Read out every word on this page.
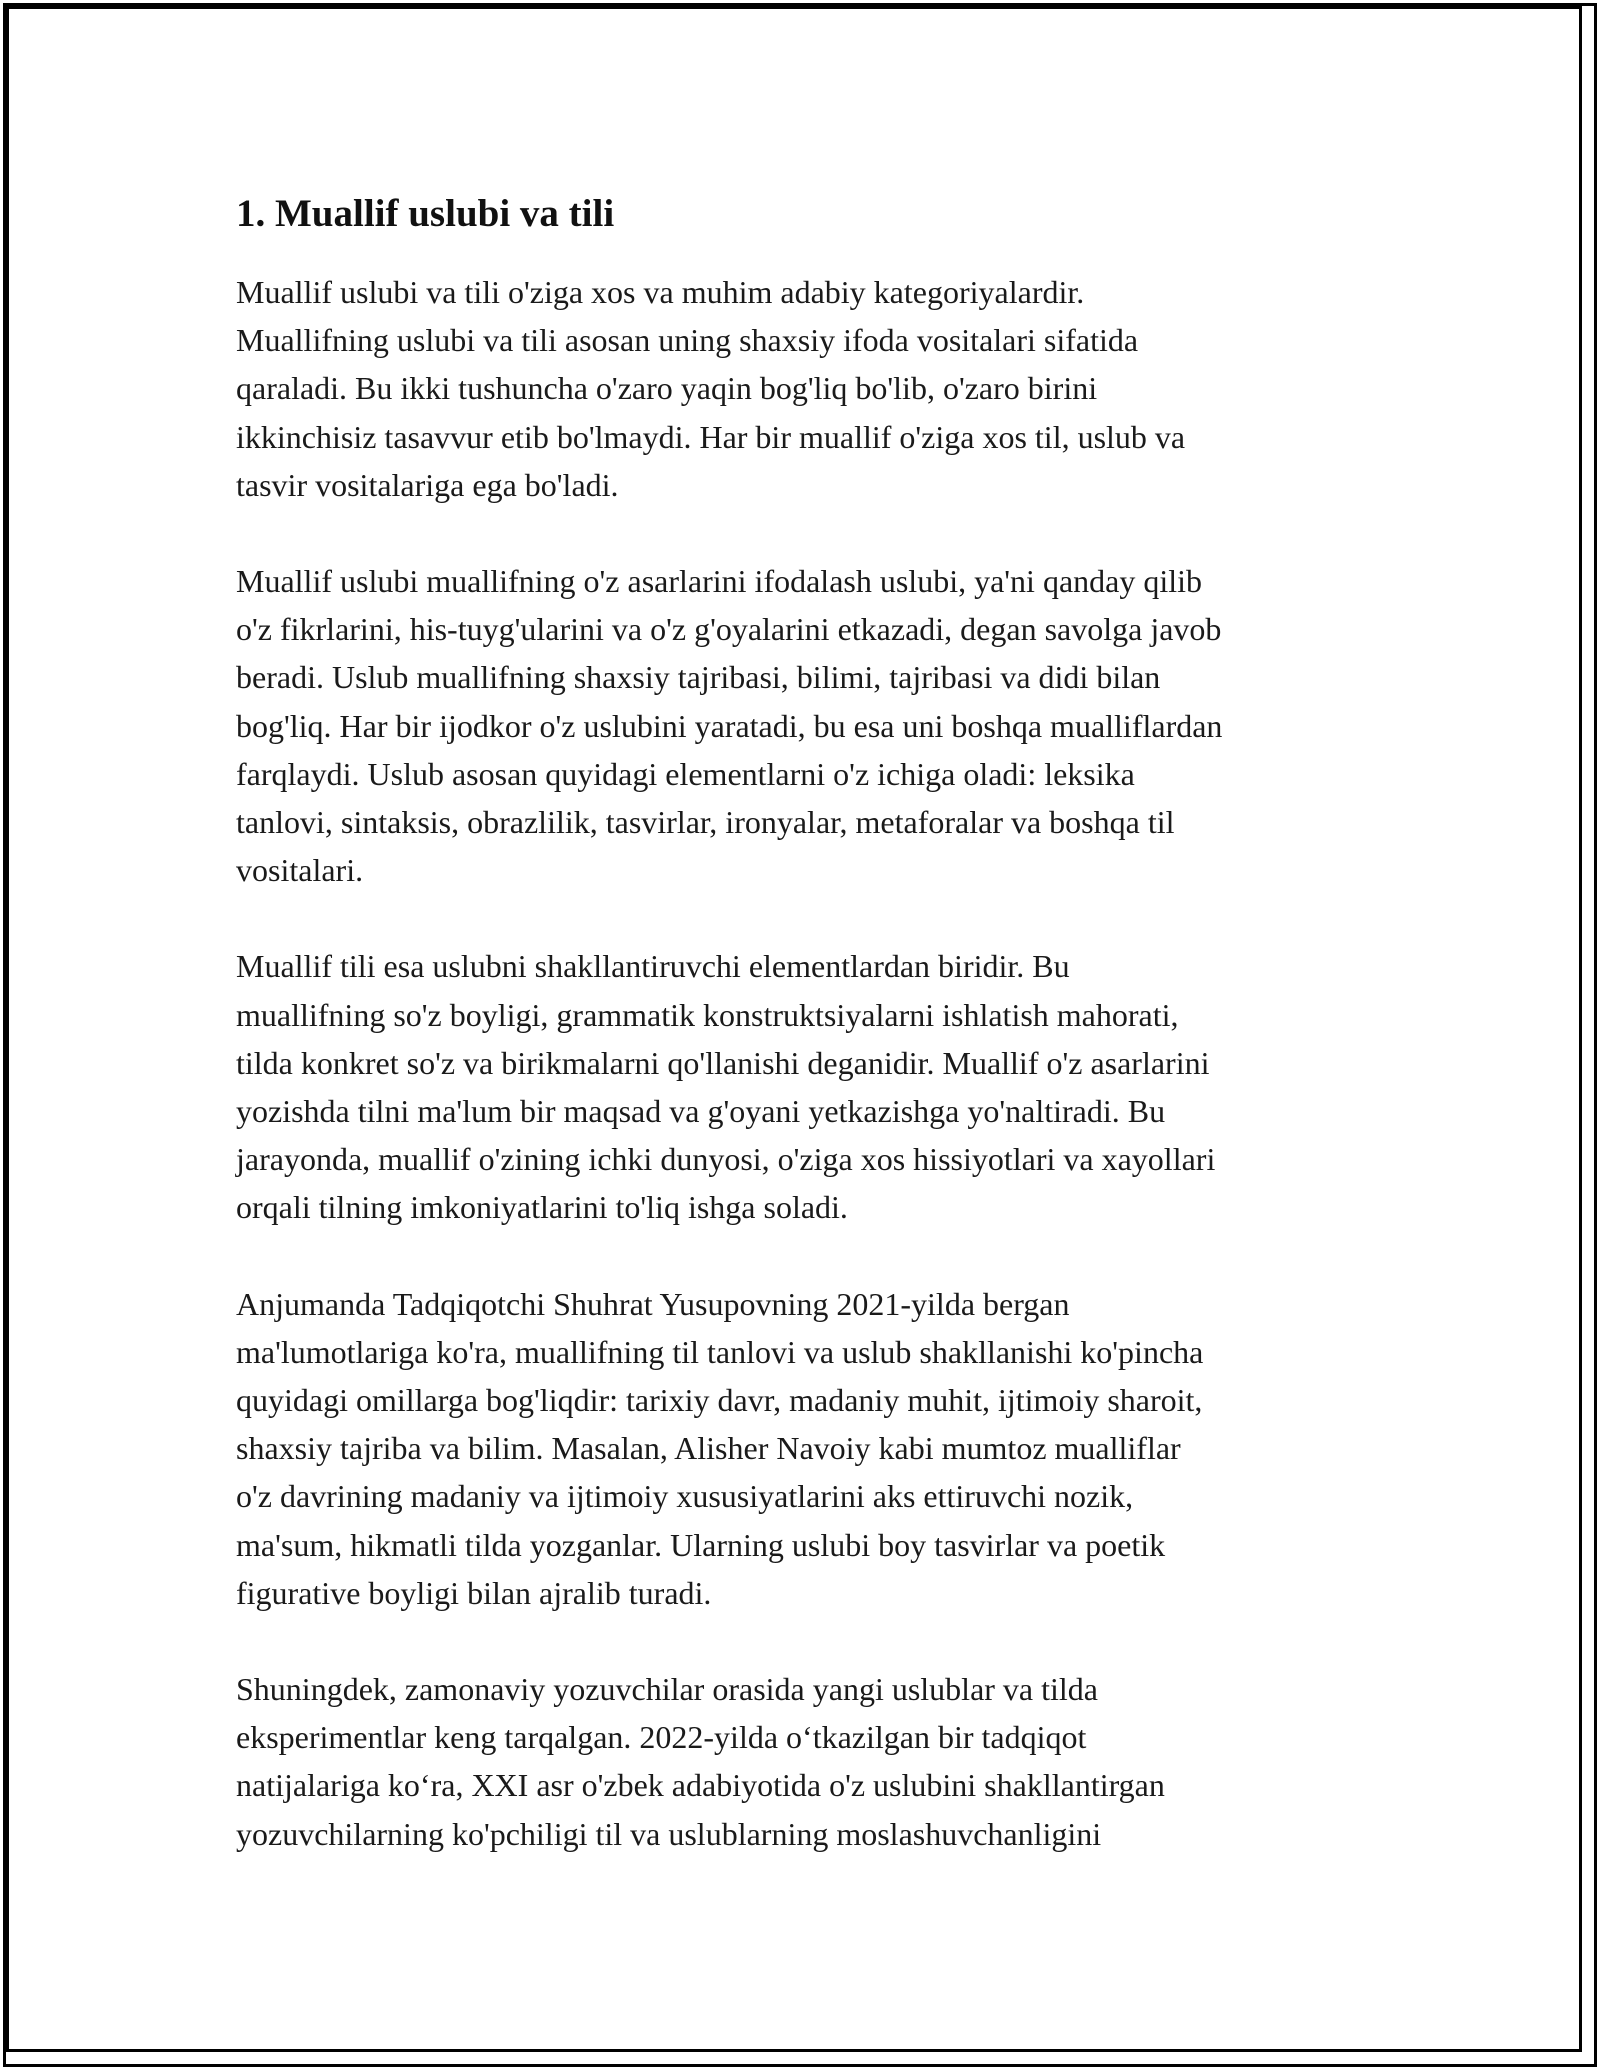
1. Muallif uslubi va tili

Muallif uslubi va tili o'ziga xos va muhim adabiy kategoriyalardir.
Muallifning uslubi va tili asosan uning shaxsiy ifoda vositalari sifatida
qaraladi. Bu ikki tushuncha o'zaro yaqin bog'liq bo'lib, o'zaro birini
ikkinchisiz tasavvur etib bo'lmaydi. Har bir muallif o'ziga xos til, uslub va
tasvir vositalariga ega bo'ladi.

Muallif uslubi muallifning o'z asarlarini ifodalash uslubi, ya'ni qanday qilib
o'z fikrlarini, his-tuyg'ularini va o'z g'oyalarini etkazadi, degan savolga javob
beradi. Uslub muallifning shaxsiy tajribasi, bilimi, tajribasi va didi bilan
bog'liq. Har bir ijodkor o'z uslubini yaratadi, bu esa uni boshqa mualliflardan
farqlaydi. Uslub asosan quyidagi elementlarni o'z ichiga oladi: leksika
tanlovi, sintaksis, obrazlilik, tasvirlar, ironyalar, metaforalar va boshqa til
vositalari.

Muallif tili esa uslubni shakllantiruvchi elementlardan biridir. Bu
muallifning so'z boyligi, grammatik konstruktsiyalarni ishlatish mahorati,
tilda konkret so'z va birikmalarni qo'llanishi deganidir. Muallif o'z asarlarini
yozishda tilni ma'lum bir maqsad va g'oyani yetkazishga yo'naltiradi. Bu
jarayonda, muallif o'zining ichki dunyosi, o'ziga xos hissiyotlari va xayollari
orqali tilning imkoniyatlarini to'liq ishga soladi.

Anjumanda Tadqiqotchi Shuhrat Yusupovning 2021-yilda bergan
ma'lumotlariga ko'ra, muallifning til tanlovi va uslub shakllanishi ko'pincha
quyidagi omillarga bog'liqdir: tarixiy davr, madaniy muhit, ijtimoiy sharoit,
shaxsiy tajriba va bilim. Masalan, Alisher Navoiy kabi mumtoz mualliflar
o'z davrining madaniy va ijtimoiy xususiyatlarini aks ettiruvchi nozik,
ma'sum, hikmatli tilda yozganlar. Ularning uslubi boy tasvirlar va poetik
figurative boyligi bilan ajralib turadi.

Shuningdek, zamonaviy yozuvchilar orasida yangi uslublar va tilda
eksperimentlar keng tarqalgan. 2022-yilda o‘tkazilgan bir tadqiqot
natijalariga ko‘ra, XXI asr o'zbek adabiyotida o'z uslubini shakllantirgan
yozuvchilarning ko'pchiligi til va uslublarning moslashuvchanligini
